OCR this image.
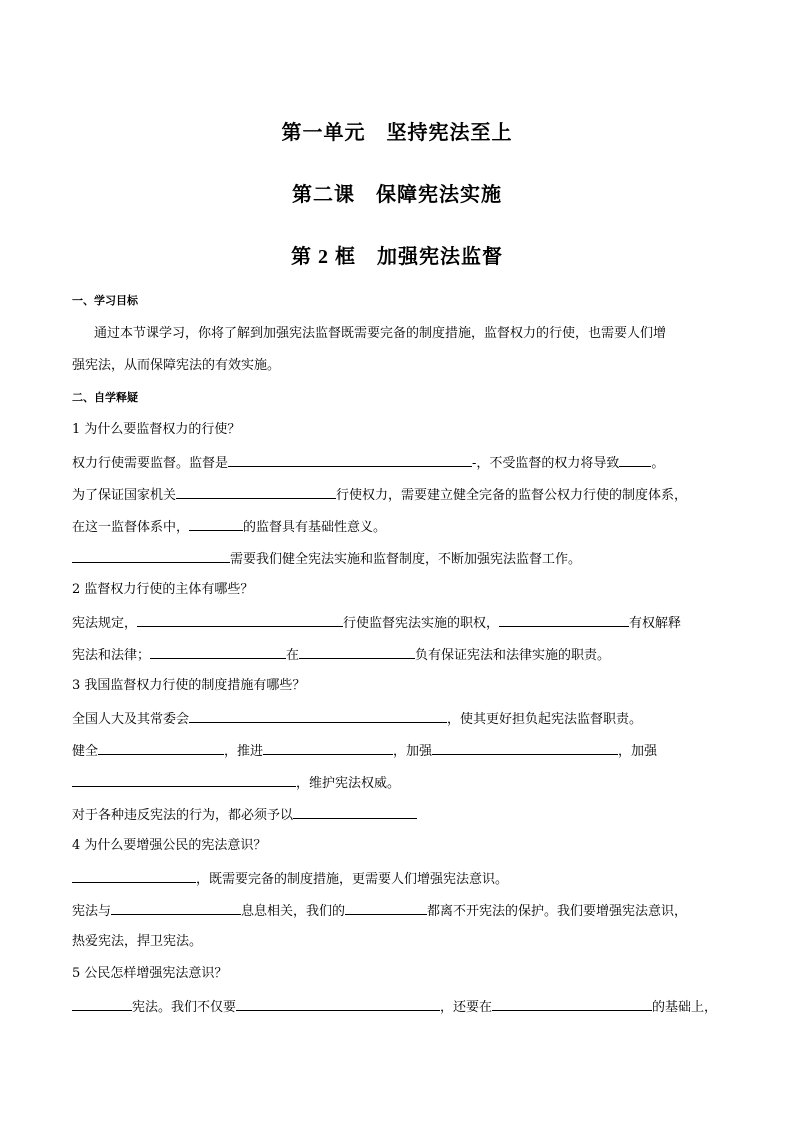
第一单元　坚持宪法至上
第二课　保障宪法实施
第 2 框　加强宪法监督
一、学习目标
通过本节课学习，你将了解到加强宪法监督既需要完备的制度措施，监督权力的行使，也需要人们增
强宪法，从而保障宪法的有效实施。
二、自学释疑
1 为什么要监督权力的行使？
权力行使需要监督。监督是	-，不受监督的权力将导致 。
为了保证国家机关	行使权力，需要建立健全完备的监督公权力行使的制度体系，
在这一监督体系中，	的监督具有基础性意义。
需要我们健全宪法实施和监督制度，不断加强宪法监督工作。
2 监督权力行使的主体有哪些？
宪法规定，	行使监督宪法实施的职权，	有权解释
宪法和法律；	在	负有保证宪法和法律实施的职责。
3 我国监督权力行使的制度措施有哪些？
全国人大及其常委会	，使其更好担负起宪法监督职责。
健全	，推进	，加强	，加强
，维护宪法权威。
对于各种违反宪法的行为，都必须予以
4 为什么要增强公民的宪法意识？
，既需要完备的制度措施，更需要人们增强宪法意识。
宪法与	息息相关，我们的	都离不开宪法的保护。我们要增强宪法意识，
热爱宪法，捍卫宪法。
5 公民怎样增强宪法意识？
宪法。我们不仅要	，还要在	的基础上，
